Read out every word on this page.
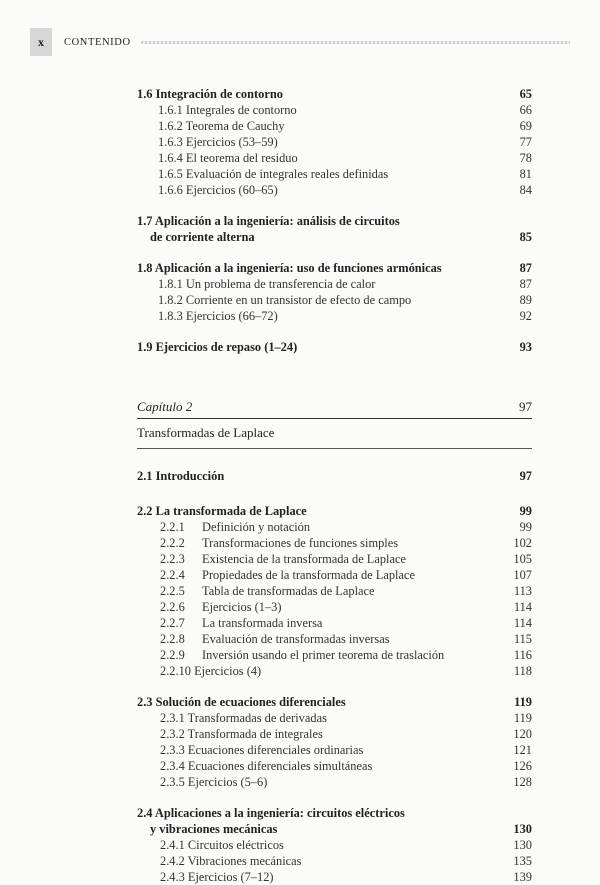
x	CONTENIDO
1.6 Integración de contorno	65
1.6.1 Integrales de contorno	66
1.6.2 Teorema de Cauchy	69
1.6.3 Ejercicios (53–59)	77
1.6.4 El teorema del residuo	78
1.6.5 Evaluación de integrales reales definidas	81
1.6.6 Ejercicios (60–65)	84
1.7 Aplicación a la ingeniería: análisis de circuitos
de corriente alterna	85
1.8 Aplicación a la ingeniería: uso de funciones armónicas	87
1.8.1 Un problema de transferencia de calor	87
1.8.2 Corriente en un transistor de efecto de campo	89
1.8.3 Ejercicios (66–72)	92
1.9 Ejercicios de repaso (1–24)	93
Capítulo 2	97
Transformadas de Laplace
2.1 Introducción	97
2.2 La transformada de Laplace	99
2.2.1 Definición y notación	99
2.2.2 Transformaciones de funciones simples	102
2.2.3 Existencia de la transformada de Laplace	105
2.2.4 Propiedades de la transformada de Laplace	107
2.2.5 Tabla de transformadas de Laplace	113
2.2.6 Ejercicios (1–3)	114
2.2.7 La transformada inversa	114
2.2.8 Evaluación de transformadas inversas	115
2.2.9 Inversión usando el primer teorema de traslación	116
2.2.10 Ejercicios (4)	118
2.3 Solución de ecuaciones diferenciales	119
2.3.1 Transformadas de derivadas	119
2.3.2 Transformada de integrales	120
2.3.3 Ecuaciones diferenciales ordinarias	121
2.3.4 Ecuaciones diferenciales simultáneas	126
2.3.5 Ejercicios (5–6)	128
2.4 Aplicaciones a la ingeniería: circuitos eléctricos
y vibraciones mecánicas	130
2.4.1 Circuitos eléctricos	130
2.4.2 Vibraciones mecánicas	135
2.4.3 Ejercicios (7–12)	139
